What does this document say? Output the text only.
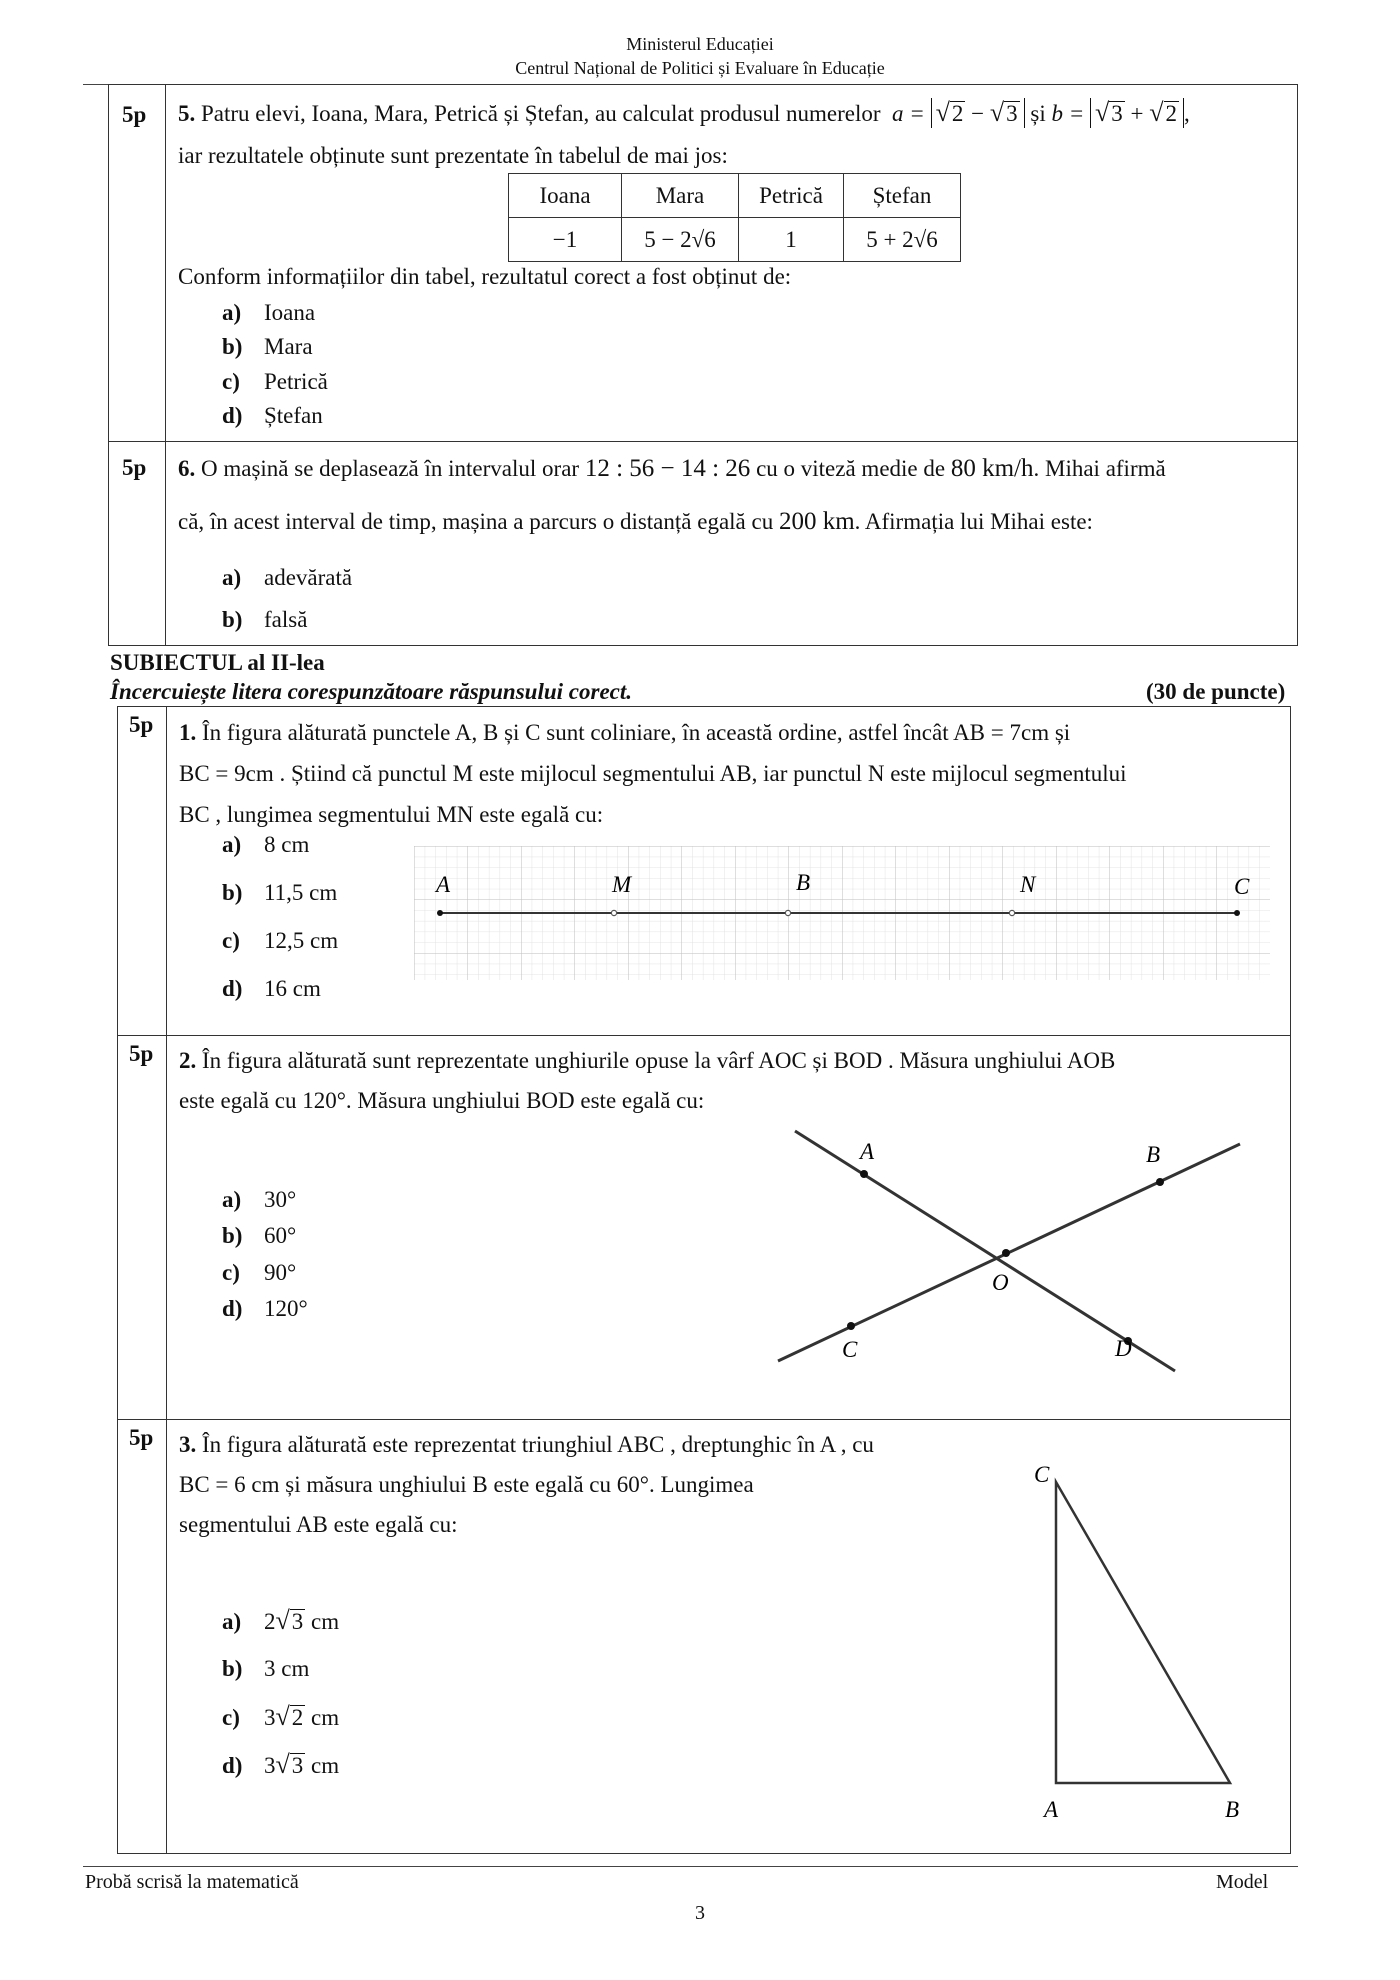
Ministerul Educației
Centrul Național de Politici și Evaluare în Educație
5p 5. Patru elevi, Ioana, Mara, Petrică și Ștefan, au calculat produsul numerelor a = √2 − √3 și b = √3 + √2 ,
iar rezultatele obținute sunt prezentate în tabelul de mai jos:
Ioana	Mara	Petrică	Ștefan
−1	5 − 2√6	1	5 + 2√6
Conform informațiilor din tabel, rezultatul corect a fost obținut de:
a) Ioana
b) Mara
c) Petrică
d) Ștefan
5p 6. O mașină se deplasează în intervalul orar 12 : 56 − 14 : 26 cu o viteză medie de 80 km/h. Mihai afirmă
că, în acest interval de timp, mașina a parcurs o distanță egală cu 200 km. Afirmația lui Mihai este:
a) adevărată
b) falsă
SUBIECTUL al II-lea
Încercuiește litera corespunzătoare răspunsului corect.	(30 de puncte)
5p 1. În figura alăturată punctele A, B și C sunt coliniare, în această ordine, astfel încât AB = 7cm și
BC = 9cm . Știind că punctul M este mijlocul segmentului AB, iar punctul N este mijlocul segmentului
BC , lungimea segmentului MN este egală cu:
a) 8 cm
b) 11,5 cm
c) 12,5 cm
d) 16 cm
A	M	B	N	C
5p 2. În figura alăturată sunt reprezentate unghiurile opuse la vârf AOC și BOD . Măsura unghiului AOB
este egală cu 120°. Măsura unghiului BOD este egală cu:
a) 30°
b) 60°
c) 90°
d) 120°
A	B
O
C	D
5p 3. În figura alăturată este reprezentat triunghiul ABC , dreptunghic în A , cu
BC = 6 cm și măsura unghiului B este egală cu 60°. Lungimea
segmentului AB este egală cu:
a) 2√3 cm
b) 3 cm
c) 3√2 cm
d) 3√3 cm
C
A	B
Probă scrisă la matematică	Model
3
